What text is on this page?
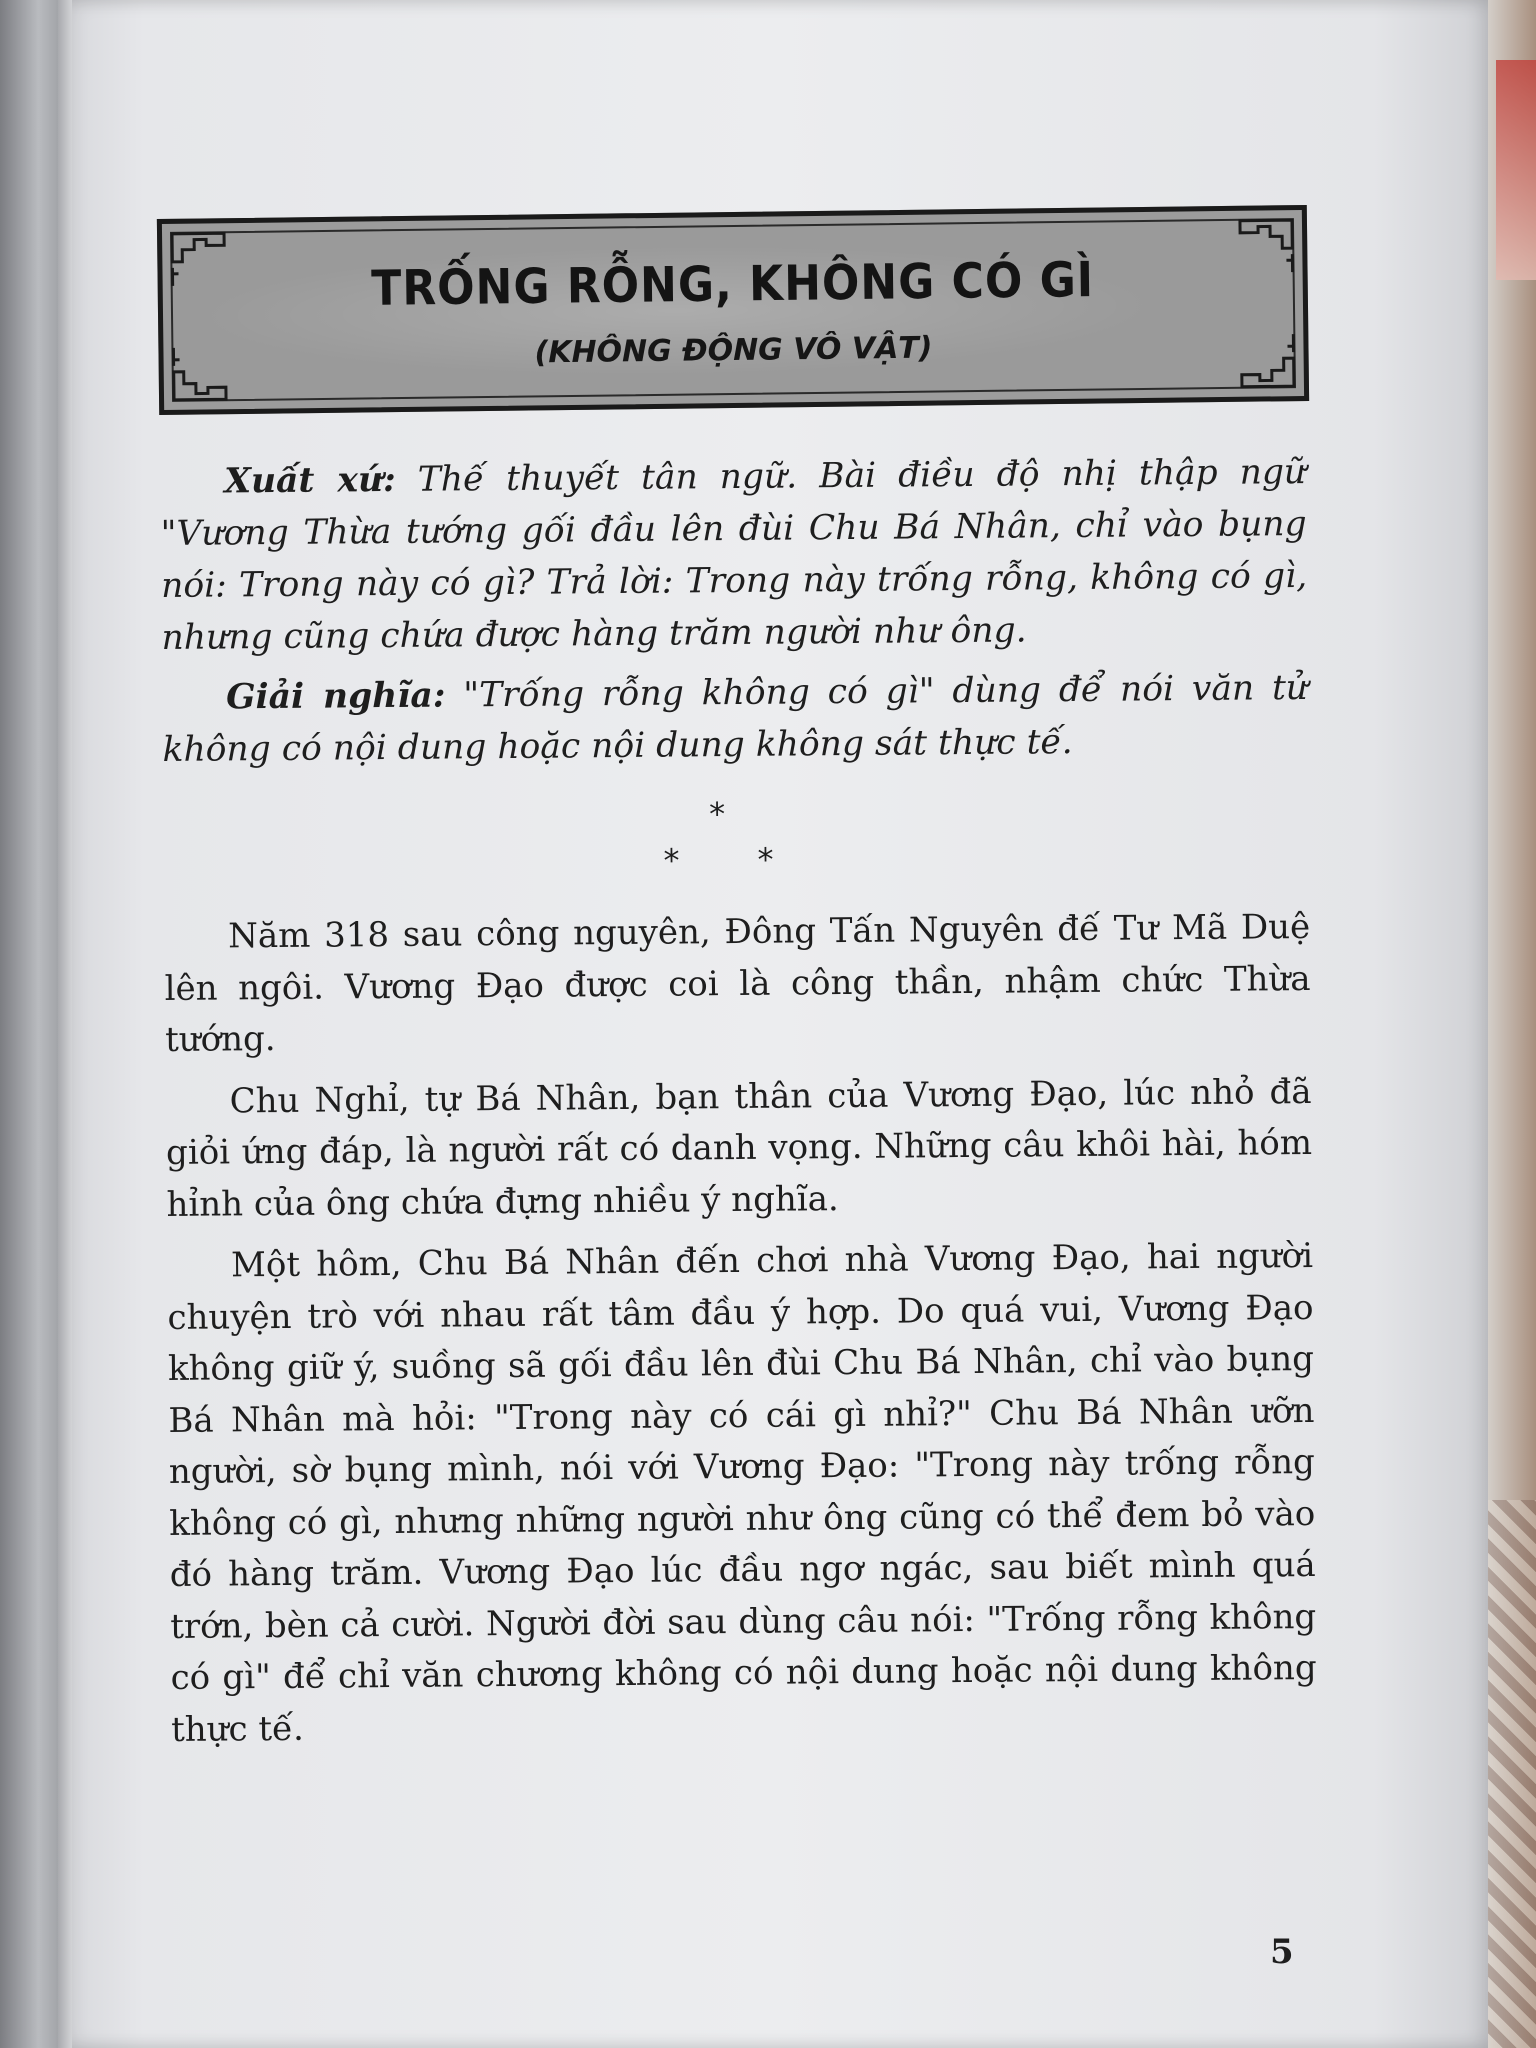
TRỐNG RỖNG, KHÔNG CÓ GÌ
(KHÔNG ĐỘNG VÔ VẬT)

Xuất xứ: Thế thuyết tân ngữ. Bài điều độ nhị thập ngữ "Vương Thừa tướng gối đầu lên đùi Chu Bá Nhân, chỉ vào bụng nói: Trong này có gì? Trả lời: Trong này trống rỗng, không có gì, nhưng cũng chứa được hàng trăm người như ông.

Giải nghĩa: "Trống rỗng không có gì" dùng để nói văn tử không có nội dung hoặc nội dung không sát thực tế.

*
* *

Năm 318 sau công nguyên, Đông Tấn Nguyên đế Tư Mã Duệ lên ngôi. Vương Đạo được coi là công thần, nhậm chức Thừa tướng.

Chu Nghỉ, tự Bá Nhân, bạn thân của Vương Đạo, lúc nhỏ đã giỏi ứng đáp, là người rất có danh vọng. Những câu khôi hài, hóm hỉnh của ông chứa đựng nhiều ý nghĩa.

Một hôm, Chu Bá Nhân đến chơi nhà Vương Đạo, hai người chuyện trò với nhau rất tâm đầu ý hợp. Do quá vui, Vương Đạo không giữ ý, suồng sã gối đầu lên đùi Chu Bá Nhân, chỉ vào bụng Bá Nhân mà hỏi: "Trong này có cái gì nhỉ?" Chu Bá Nhân ưỡn người, sờ bụng mình, nói với Vương Đạo: "Trong này trống rỗng không có gì, nhưng những người như ông cũng có thể đem bỏ vào đó hàng trăm. Vương Đạo lúc đầu ngơ ngác, sau biết mình quá trớn, bèn cả cười. Người đời sau dùng câu nói: "Trống rỗng không có gì" để chỉ văn chương không có nội dung hoặc nội dung không thực tế.

5
